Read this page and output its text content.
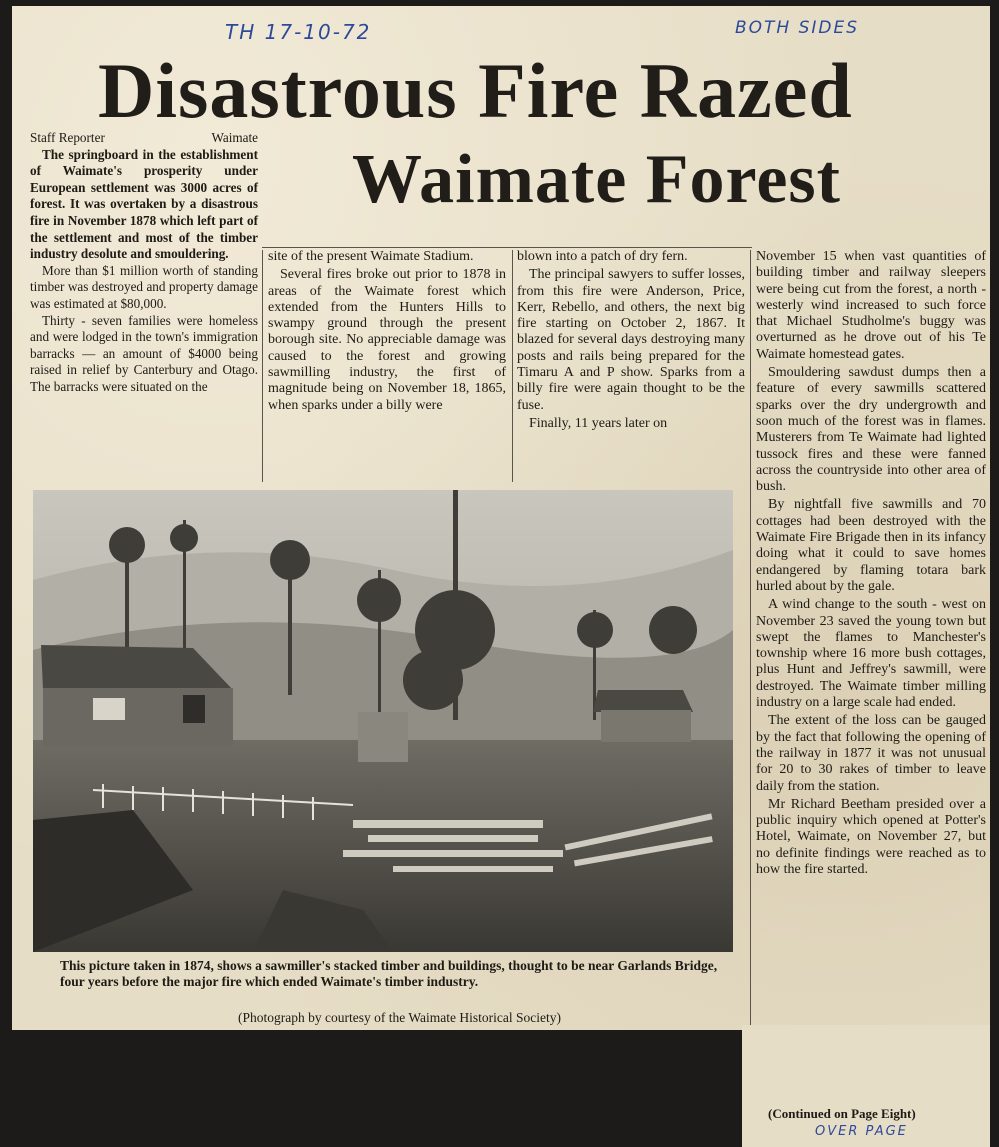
TH 17-10-72	BOTH SIDES
Disastrous Fire Razed
Waimate Forest
Staff Reporter	Waimate

The springboard in the establishment of Waimate's prosperity under European settlement was 3000 acres of forest. It was overtaken by a disastrous fire in November 1878 which left part of the settlement and most of the timber industry desolute and smouldering.

More than $1 million worth of standing timber was destroyed and property damage was estimated at $80,000.

Thirty - seven families were homeless and were lodged in the town's immigration barracks — an amount of $4000 being raised in relief by Canterbury and Otago. The barracks were situated on the

site of the present Waimate Stadium.

Several fires broke out prior to 1878 in areas of the Waimate forest which extended from the Hunters Hills to swampy ground through the present borough site. No appreciable damage was caused to the forest and growing sawmilling industry, the first of magnitude being on November 18, 1865, when sparks under a billy were

blown into a patch of dry fern.

The principal sawyers to suffer losses, from this fire were Anderson, Price, Kerr, Rebello, and others, the next big fire starting on October 2, 1867. It blazed for several days destroying many posts and rails being prepared for the Timaru A and P show. Sparks from a billy fire were again thought to be the fuse.

Finally, 11 years later on

November 15 when vast quantities of building timber and railway sleepers were being cut from the forest, a north - westerly wind increased to such force that Michael Studholme's buggy was overturned as he drove out of his Te Waimate homestead gates.

Smouldering sawdust dumps then a feature of every sawmills scattered sparks over the dry undergrowth and soon much of the forest was in flames. Musterers from Te Waimate had lighted tussock fires and these were fanned across the countryside into other area of bush.

By nightfall five sawmills and 70 cottages had been destroyed with the Waimate Fire Brigade then in its infancy doing what it could to save homes endangered by flaming totara bark hurled about by the gale.

A wind change to the south - west on November 23 saved the young town but swept the flames to Manchester's township where 16 more bush cottages, plus Hunt and Jeffrey's sawmill, were destroyed. The Waimate timber milling industry on a large scale had ended.

The extent of the loss can be gauged by the fact that following the opening of the railway in 1877 it was not unusual for 20 to 30 rakes of timber to leave daily from the station.

Mr Richard Beetham presided over a public inquiry which opened at Potter's Hotel, Waimate, on November 27, but no definite findings were reached as to how the fire started.

This picture taken in 1874, shows a sawmiller's stacked timber and buildings, thought to be near Garlands Bridge, four years before the major fire which ended Waimate's timber industry.
(Photograph by courtesy of the Waimate Historical Society)
(Continued on Page Eight)
OVER PAGE
